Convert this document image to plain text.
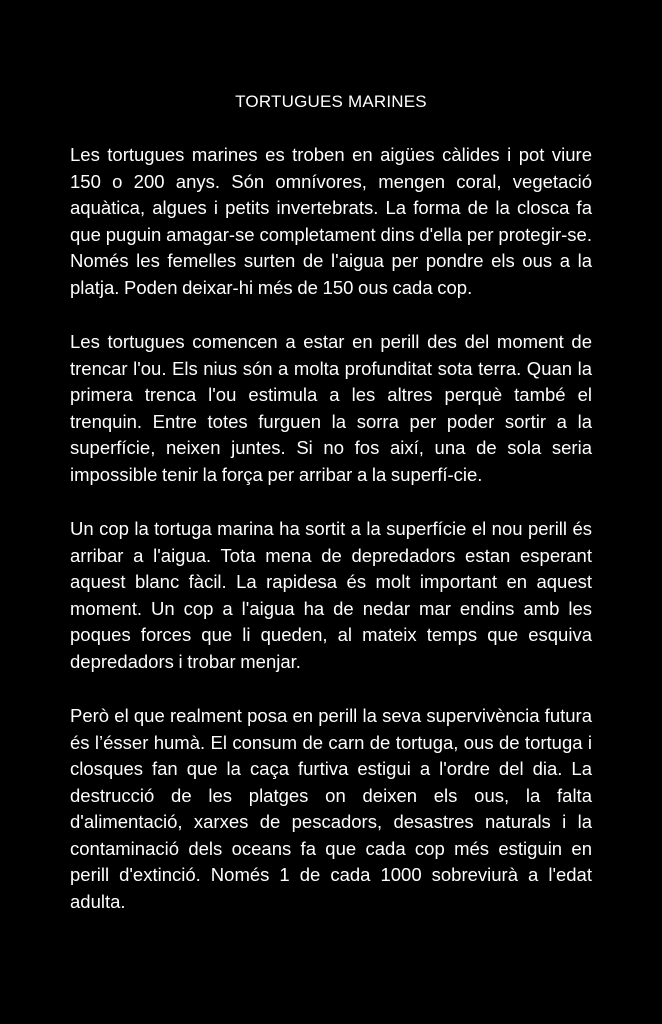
TORTUGUES MARINES

Les tortugues marines es troben en aigües càlides i pot viure 150 o 200 anys. Són omnívores, mengen coral, vegetació aquàtica, algues i petits invertebrats. La forma de la closca fa que puguin amagar-se completament dins d'ella per protegir-se. Només les femelles surten de l'aigua per pondre els ous a la platja. Poden deixar-hi més de 150 ous cada cop.

Les tortugues comencen a estar en perill des del moment de trencar l'ou. Els nius són a molta profunditat sota terra. Quan la primera trenca l'ou estimula a les altres perquè també el trenquin. Entre totes furguen la sorra per poder sortir a la superfície, neixen juntes. Si no fos així, una de sola seria impossible tenir la força per arribar a la superfí-cie.

Un cop la tortuga marina ha sortit a la superfície el nou perill és arribar a l'aigua. Tota mena de depredadors estan esperant aquest blanc fàcil. La rapidesa és molt important en aquest moment. Un cop a l'aigua ha de nedar mar endins amb les poques forces que li queden, al mateix temps que esquiva depredadors i trobar menjar.

Però el que realment posa en perill la seva supervivència futura és l’ésser humà. El consum de carn de tortuga, ous de tortuga i closques fan que la caça furtiva estigui a l'ordre del dia. La destrucció de les platges on deixen els ous, la falta d'alimentació, xarxes de pescadors, desastres naturals i la contaminació dels oceans fa que cada cop més estiguin en perill d'extinció. Només 1 de cada 1000 sobreviurà a l'edat adulta.
